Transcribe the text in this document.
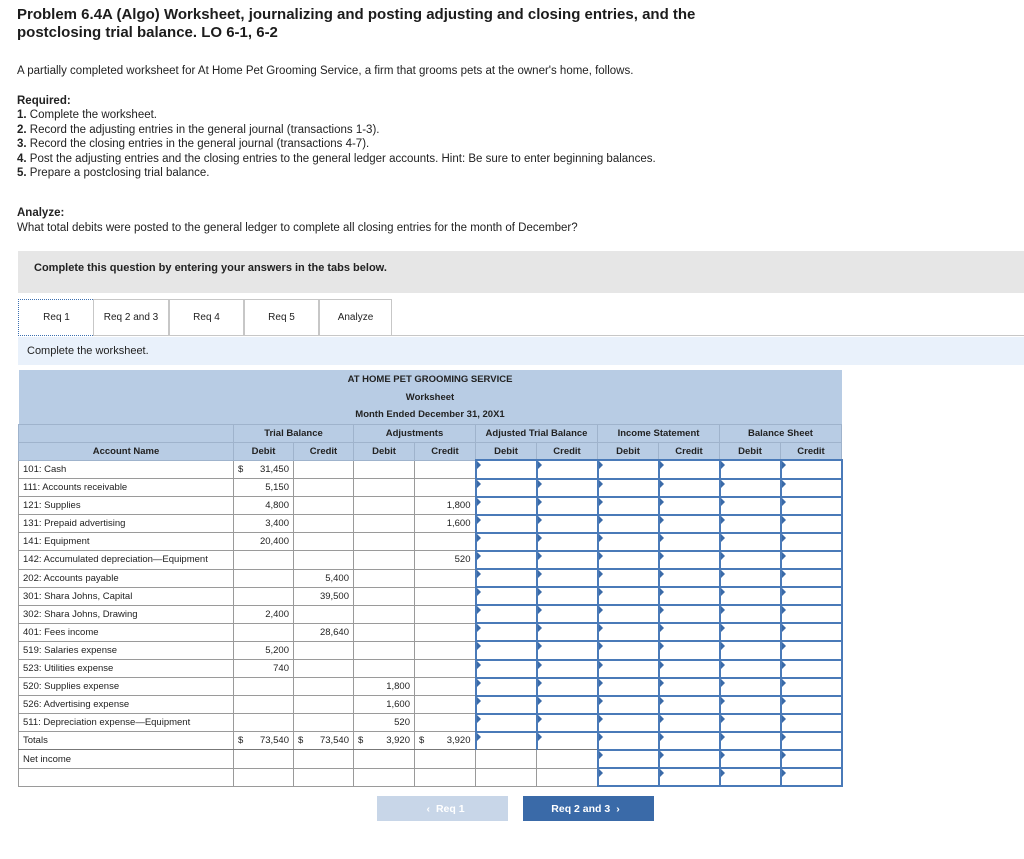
Problem 6.4A (Algo) Worksheet, journalizing and posting adjusting and closing entries, and the postclosing trial balance. LO 6-1, 6-2

A partially completed worksheet for At Home Pet Grooming Service, a firm that grooms pets at the owner's home, follows.

Required:
1. Complete the worksheet.
2. Record the adjusting entries in the general journal (transactions 1-3).
3. Record the closing entries in the general journal (transactions 4-7).
4. Post the adjusting entries and the closing entries to the general ledger accounts. Hint: Be sure to enter beginning balances.
5. Prepare a postclosing trial balance.
Analyze:
What total debits were posted to the general ledger to complete all closing entries for the month of December?
Complete this question by entering your answers in the tabs below.
Req 1	Req 2 and 3	Req 4	Req 5	Analyze
Complete the worksheet.
AT HOME PET GROOMING SERVICE										
Worksheet										
Month Ended December 31, 20X1										
	Trial Balance		Adjustments		Adjusted Trial Balance		Income Statement		Balance Sheet	
Account Name	Debit	Credit	Debit	Credit	Debit	Credit	Debit	Credit	Debit	Credit
101: Cash	$ 31,450									
111: Accounts receivable	5,150									
121: Supplies	4,800			1,800						
131: Prepaid advertising	3,400			1,600						
141: Equipment	20,400									
142: Accumulated depreciation—Equipment				520						
202: Accounts payable		5,400								
301: Shara Johns, Capital		39,500								
302: Shara Johns, Drawing	2,400									
401: Fees income		28,640								
519: Salaries expense	5,200									
523: Utilities expense	740									
520: Supplies expense			1,800							
526: Advertising expense			1,600							
511: Depreciation expense—Equipment			520							
Totals	$ 73,540	$ 73,540	$ 3,920	$ 3,920						
Net income										

‹ Req 1	Req 2 and 3 ›
